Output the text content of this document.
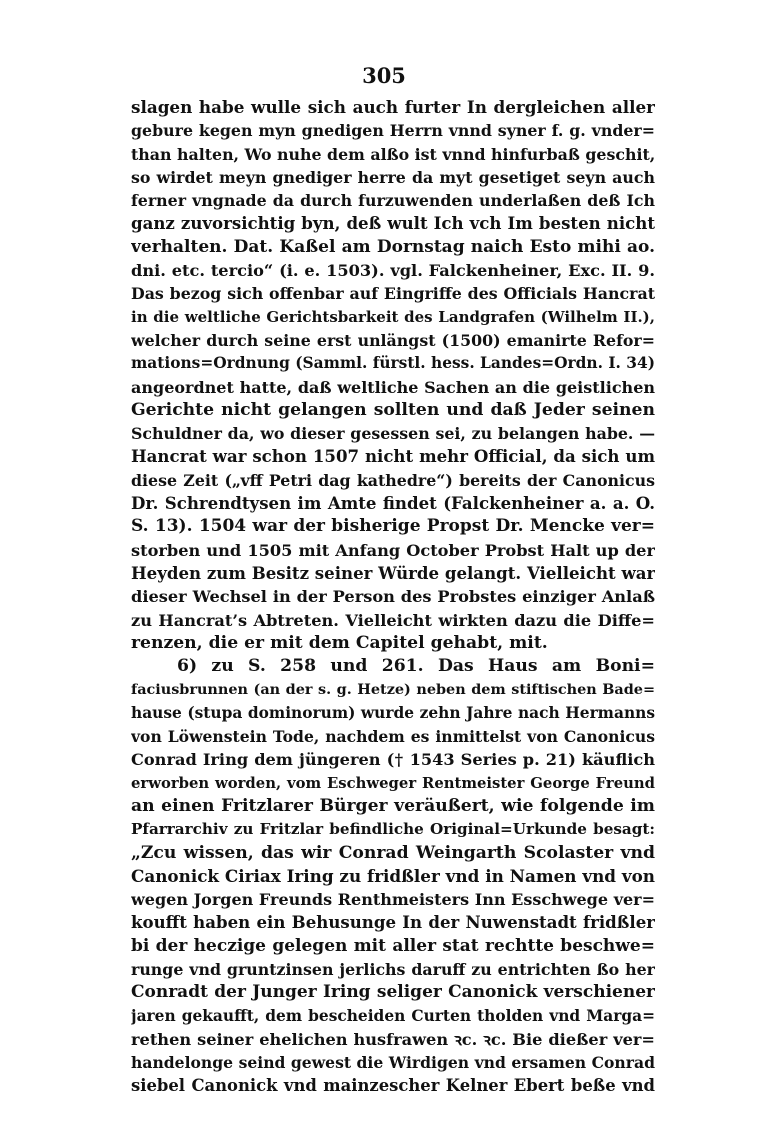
305
slagen habe wulle sich auch furter In dergleichen aller
gebure kegen myn gnedigen Herrn vnnd syner f. g. vnder=
than halten, Wo nuhe dem alßo ist vnnd hinfurbaß geschit,
so wirdet meyn gnediger herre da myt gesetiget seyn auch
ferner vngnade da durch furzuwenden underlaßen deß Ich
ganz zuvorsichtig byn, deß wult Ich vch Im besten nicht
verhalten. Dat. Kaßel am Dornstag naich Esto mihi ao.
dni. etc. tercio“ (i. e. 1503). vgl. Falckenheiner, Exc. II. 9.
Das bezog sich offenbar auf Eingriffe des Officials Hancrat
in die weltliche Gerichtsbarkeit des Landgrafen (Wilhelm II.),
welcher durch seine erst unlängst (1500) emanirte Refor=
mations=Ordnung (Samml. fürstl. hess. Landes=Ordn. I. 34)
angeordnet hatte, daß weltliche Sachen an die geistlichen
Gerichte nicht gelangen sollten und daß Jeder seinen
Schuldner da, wo dieser gesessen sei, zu belangen habe. —
Hancrat war schon 1507 nicht mehr Official, da sich um
diese Zeit („vff Petri dag kathedre“) bereits der Canonicus
Dr. Schrendtysen im Amte findet (Falckenheiner a. a. O.
S. 13). 1504 war der bisherige Propst Dr. Mencke ver=
storben und 1505 mit Anfang October Probst Halt up der
Heyden zum Besitz seiner Würde gelangt. Vielleicht war
dieser Wechsel in der Person des Probstes einziger Anlaß
zu Hancrat’s Abtreten. Vielleicht wirkten dazu die Diffe=
renzen, die er mit dem Capitel gehabt, mit.
6) zu S. 258 und 261. Das Haus am Boni=
faciusbrunnen (an der s. g. Hetze) neben dem stiftischen Bade=
hause (stupa dominorum) wurde zehn Jahre nach Hermanns
von Löwenstein Tode, nachdem es inmittelst von Canonicus
Conrad Iring dem jüngeren († 1543 Series p. 21) käuflich
erworben worden, vom Eschweger Rentmeister George Freund
an einen Fritzlarer Bürger veräußert, wie folgende im
Pfarrarchiv zu Fritzlar befindliche Original=Urkunde besagt:
„Zcu wissen, das wir Conrad Weingarth Scolaster vnd
Canonick Ciriax Iring zu fridßler vnd in Namen vnd von
wegen Jorgen Freunds Renthmeisters Inn Esschwege ver=
koufft haben ein Behusunge In der Nuwenstadt fridßler
bi der heczige gelegen mit aller stat rechtte beschwe=
runge vnd gruntzinsen jerlichs daruff zu entrichten ßo her
Conradt der Junger Iring seliger Canonick verschiener
jaren gekaufft, dem bescheiden Curten tholden vnd Marga=
rethen seiner ehelichen husfrawen ꝛc. ꝛc. Bie dießer ver=
handelonge seind gewest die Wirdigen vnd ersamen Conrad
siebel Canonick vnd mainzescher Kelner Ebert beße vnd
